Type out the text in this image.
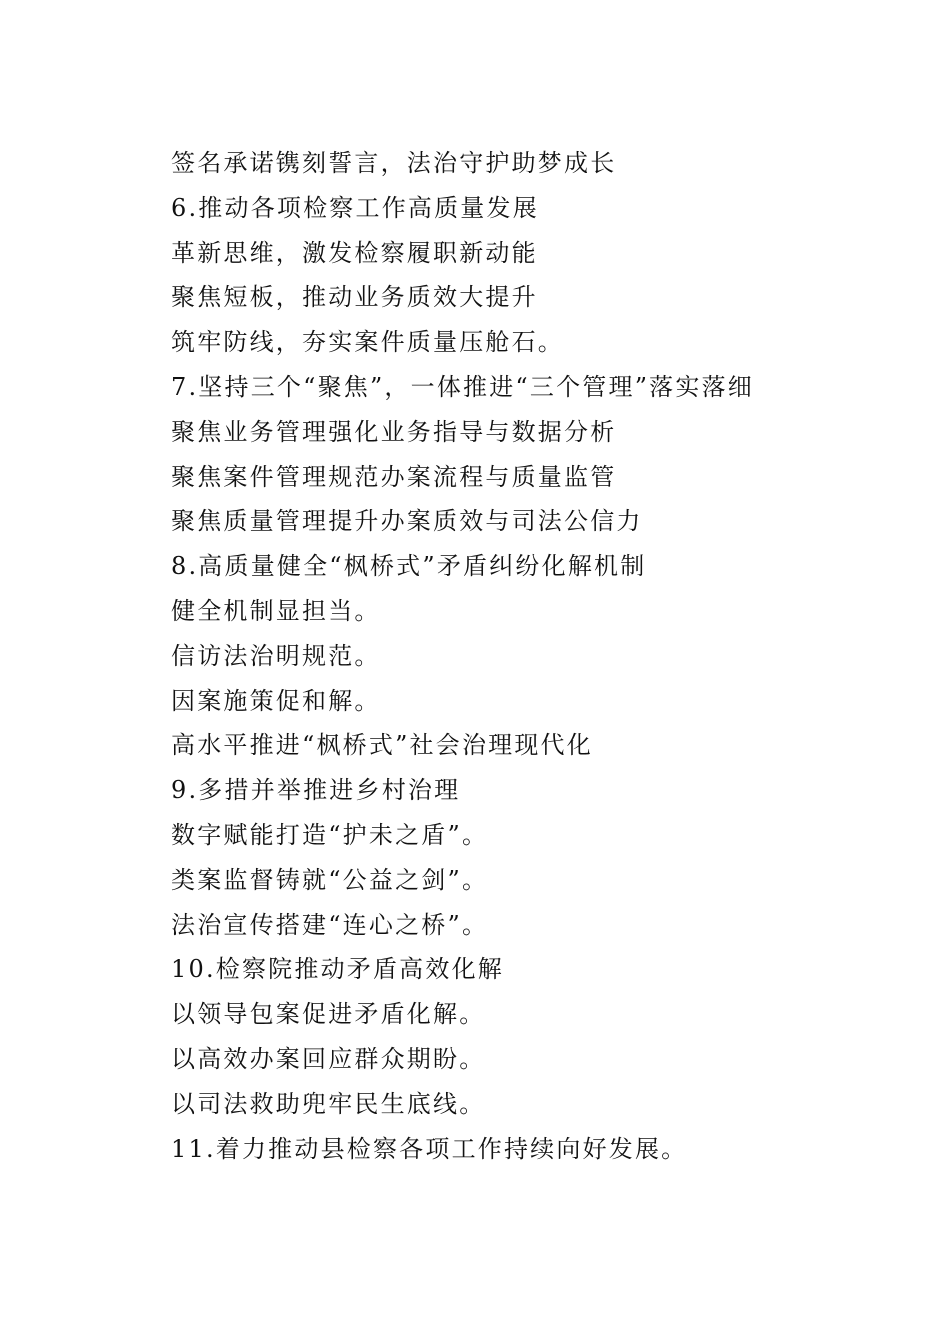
签名承诺镌刻誓言，法治守护助梦成长
6.推动各项检察工作高质量发展
革新思维，激发检察履职新动能
聚焦短板，推动业务质效大提升
筑牢防线，夯实案件质量压舱石。
7.坚持三个“聚焦”，一体推进“三个管理”落实落细
聚焦业务管理强化业务指导与数据分析
聚焦案件管理规范办案流程与质量监管
聚焦质量管理提升办案质效与司法公信力
8.高质量健全“枫桥式”矛盾纠纷化解机制
健全机制显担当。
信访法治明规范。
因案施策促和解。
高水平推进“枫桥式”社会治理现代化
9.多措并举推进乡村治理
数字赋能打造“护未之盾”。
类案监督铸就“公益之剑”。
法治宣传搭建“连心之桥”。
10.检察院推动矛盾高效化解
以领导包案促进矛盾化解。
以高效办案回应群众期盼。
以司法救助兜牢民生底线。
11.着力推动县检察各项工作持续向好发展。
